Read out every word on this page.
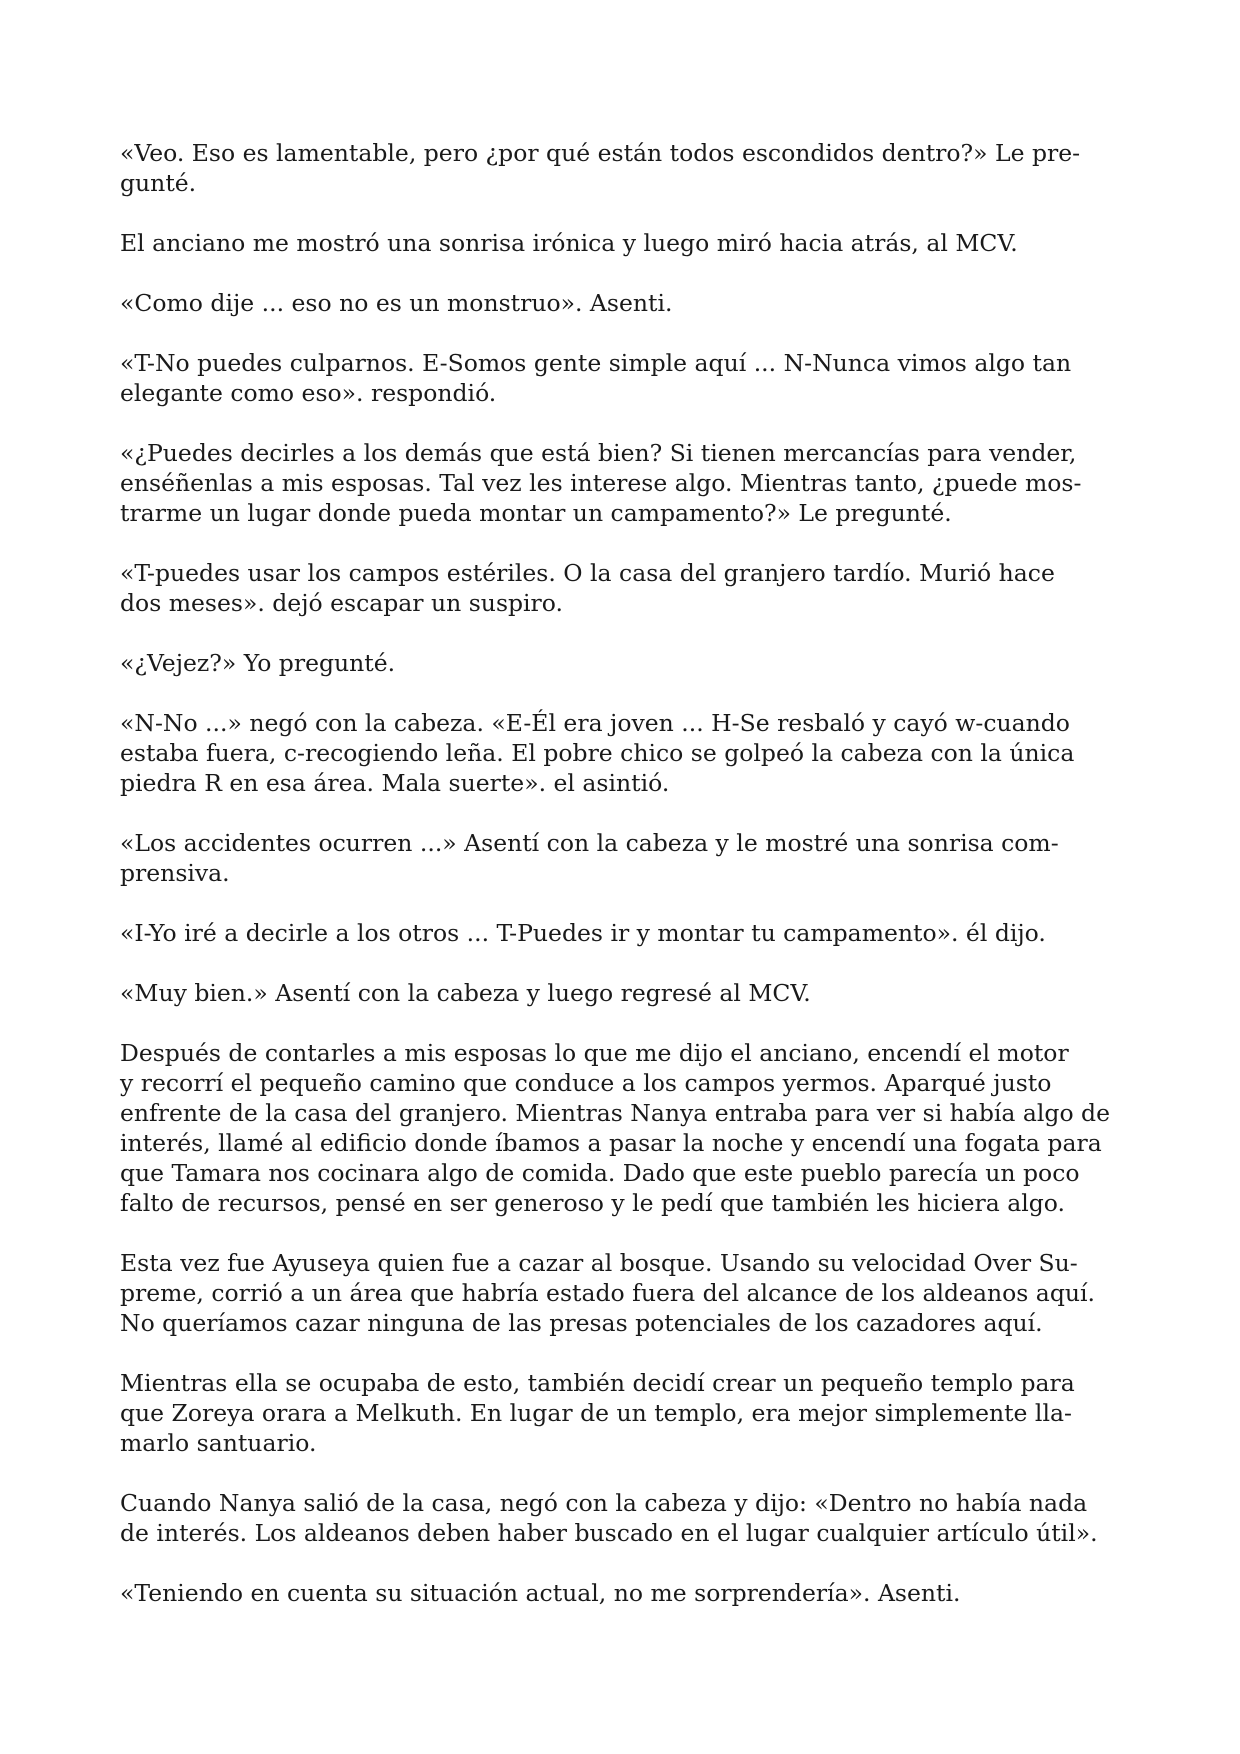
«Veo. Eso es lamentable, pero ¿por qué están todos escondidos dentro?» Le pre-
gunté.

El anciano me mostró una sonrisa irónica y luego miró hacia atrás, al MCV.

«Como dije ... eso no es un monstruo». Asenti.

«T-No puedes culparnos. E-Somos gente simple aquí ... N-Nunca vimos algo tan
elegante como eso». respondió.

«¿Puedes decirles a los demás que está bien? Si tienen mercancías para vender,
enséñenlas a mis esposas. Tal vez les interese algo. Mientras tanto, ¿puede mos-
trarme un lugar donde pueda montar un campamento?» Le pregunté.

«T-puedes usar los campos estériles. O la casa del granjero tardío. Murió hace
dos meses». dejó escapar un suspiro.

«¿Vejez?» Yo pregunté.

«N-No ...» negó con la cabeza. «E-Él era joven ... H-Se resbaló y cayó w-cuando
estaba fuera, c-recogiendo leña. El pobre chico se golpeó la cabeza con la única
piedra R en esa área. Mala suerte». el asintió.

«Los accidentes ocurren ...» Asentí con la cabeza y le mostré una sonrisa com-
prensiva.

«I-Yo iré a decirle a los otros ... T-Puedes ir y montar tu campamento». él dijo.

«Muy bien.» Asentí con la cabeza y luego regresé al MCV.

Después de contarles a mis esposas lo que me dijo el anciano, encendí el motor
y recorrí el pequeño camino que conduce a los campos yermos. Aparqué justo
enfrente de la casa del granjero. Mientras Nanya entraba para ver si había algo de
interés, llamé al edificio donde íbamos a pasar la noche y encendí una fogata para
que Tamara nos cocinara algo de comida. Dado que este pueblo parecía un poco
falto de recursos, pensé en ser generoso y le pedí que también les hiciera algo.

Esta vez fue Ayuseya quien fue a cazar al bosque. Usando su velocidad Over Su-
preme, corrió a un área que habría estado fuera del alcance de los aldeanos aquí.
No queríamos cazar ninguna de las presas potenciales de los cazadores aquí.

Mientras ella se ocupaba de esto, también decidí crear un pequeño templo para
que Zoreya orara a Melkuth. En lugar de un templo, era mejor simplemente lla-
marlo santuario.

Cuando Nanya salió de la casa, negó con la cabeza y dijo: «Dentro no había nada
de interés. Los aldeanos deben haber buscado en el lugar cualquier artículo útil».

«Teniendo en cuenta su situación actual, no me sorprendería». Asenti.
